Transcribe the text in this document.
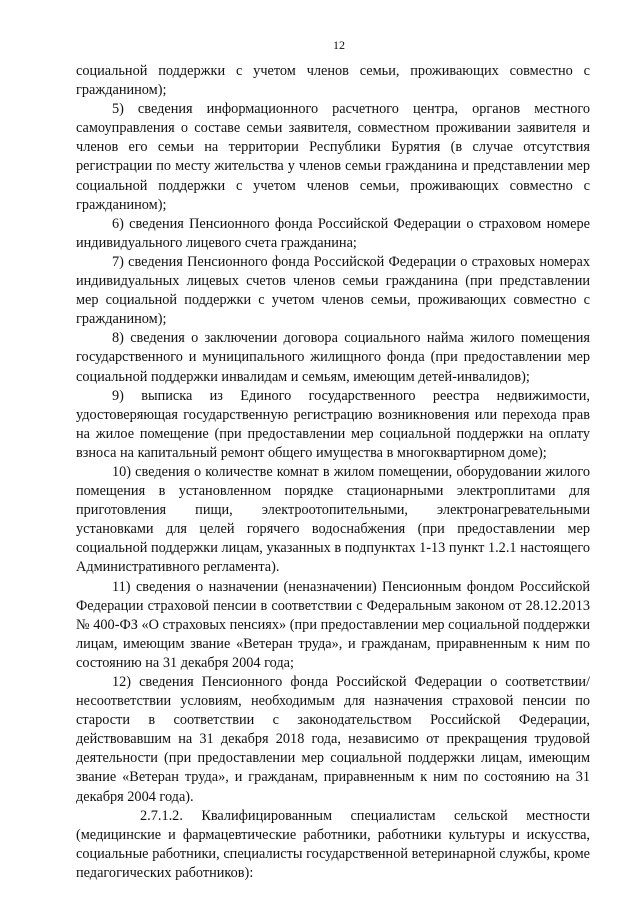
12

социальной поддержки с учетом членов семьи, проживающих совместно с гражданином);

5) сведения информационного расчетного центра, органов местного самоуправления о составе семьи заявителя, совместном проживании заявителя и членов его семьи на территории Республики Бурятия (в случае отсутствия регистрации по месту жительства у членов семьи гражданина и представлении мер социальной поддержки с учетом членов семьи, проживающих совместно с гражданином);

6) сведения Пенсионного фонда Российской Федерации о страховом номере индивидуального лицевого счета гражданина;

7) сведения Пенсионного фонда Российской Федерации о страховых номерах индивидуальных лицевых счетов членов семьи гражданина (при представлении мер социальной поддержки с учетом членов семьи, проживающих совместно с гражданином);

8) сведения о заключении договора социального найма жилого помещения государственного и муниципального жилищного фонда (при предоставлении мер социальной поддержки инвалидам и семьям, имеющим детей-инвалидов);

9) выписка из Единого государственного реестра недвижимости, удостоверяющая государственную регистрацию возникновения или перехода прав на жилое помещение (при предоставлении мер социальной поддержки на оплату взноса на капитальный ремонт общего имущества в многоквартирном доме);

10) сведения о количестве комнат в жилом помещении, оборудовании жилого помещения в установленном порядке стационарными электроплитами для приготовления пищи, электроотопительными, электронагревательными установками для целей горячего водоснабжения (при предоставлении мер социальной поддержки лицам, указанных в подпунктах 1-13 пункт 1.2.1 настоящего Административного регламента).

11) сведения о назначении (неназначении) Пенсионным фондом Российской Федерации страховой пенсии в соответствии с Федеральным законом от 28.12.2013 № 400-ФЗ «О страховых пенсиях» (при предоставлении мер социальной поддержки лицам, имеющим звание «Ветеран труда», и гражданам, приравненным к ним по состоянию на 31 декабря 2004 года;

12) сведения Пенсионного фонда Российской Федерации о соответствии/несоответствии условиям, необходимым для назначения страховой пенсии по старости в соответствии с законодательством Российской Федерации, действовавшим на 31 декабря 2018 года, независимо от прекращения трудовой деятельности (при предоставлении мер социальной поддержки лицам, имеющим звание «Ветеран труда», и гражданам, приравненным к ним по состоянию на 31 декабря 2004 года).

2.7.1.2. Квалифицированным специалистам сельской местности (медицинские и фармацевтические работники, работники культуры и искусства, социальные работники, специалисты государственной ветеринарной службы, кроме педагогических работников):
